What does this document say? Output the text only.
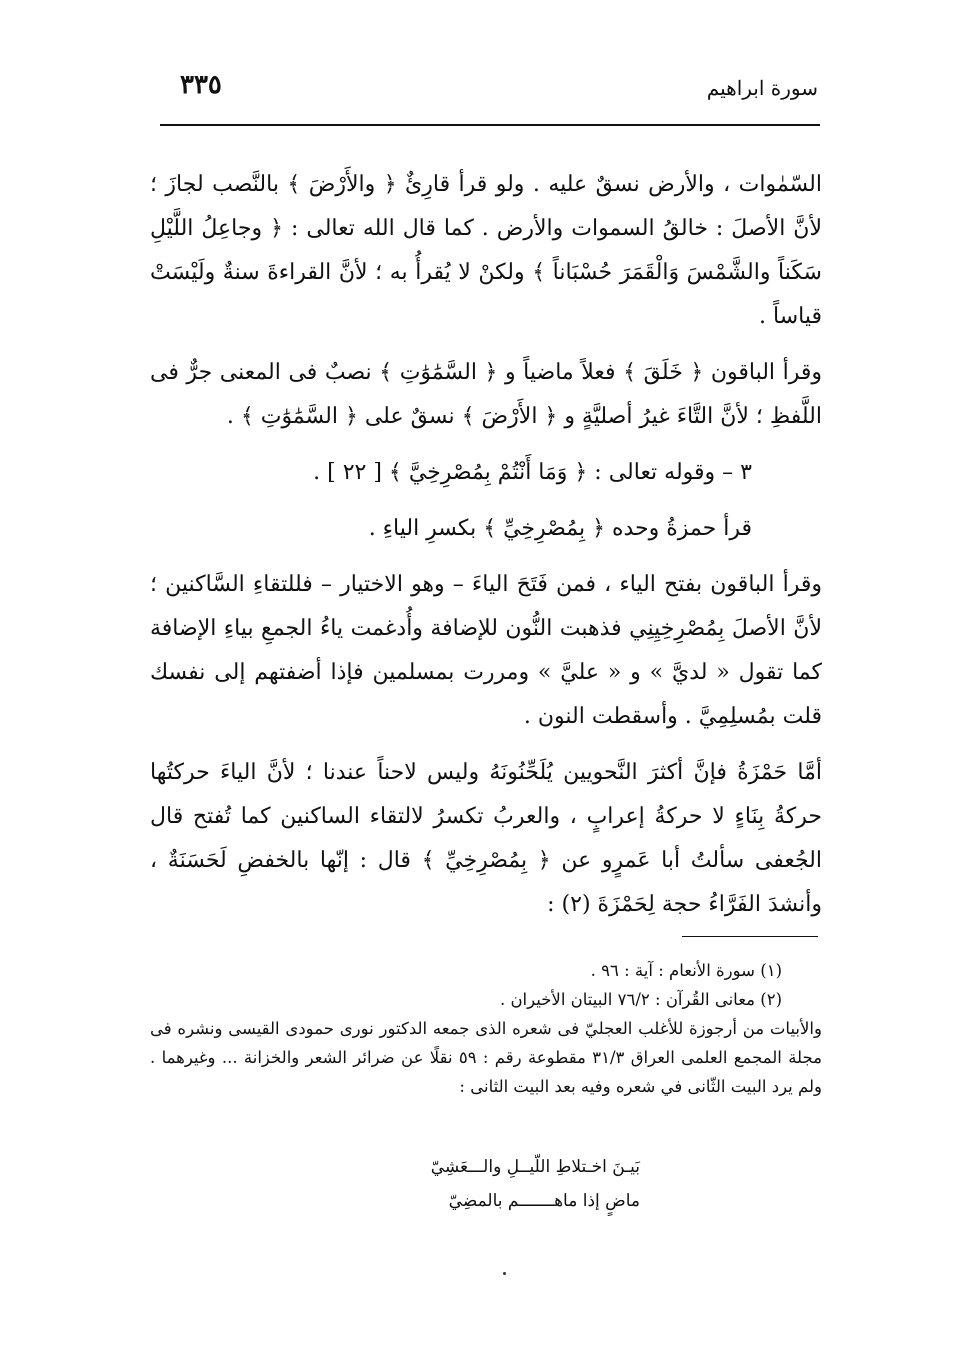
سورة ابراهيم
٣٣٥

السّمٰوات ، والأرض نسقٌ عليه . ولو قرأ قارِئٌ ﴿ والأَرْضَ ﴾ بالنَّصب لجازَ ؛ لأنَّ الأصلَ : خالقُ السموات والأرض . كما قال الله تعالى : ﴿ وجاعِلُ اللَّيْلِ سَكَناً والشَّمْسَ وَالْقَمَرَ حُسْبَاناً ﴾ ولكنْ لا يُقرأُ به ؛ لأنَّ القراءةَ سنةٌ ولَيْسَتْ قياساً .

وقرأ الباقون ﴿ خَلَقَ ﴾ فعلاً ماضياً و ﴿ السَّمَٰوَٰتِ ﴾ نصبٌ فى المعنى جرٌّ فى اللَّفظِ ؛ لأنَّ التَّاءَ غيرُ أصليَّةٍ و ﴿ الأَرْضَ ﴾ نسقٌ على ﴿ السَّمَٰوَٰتِ ﴾ .

٣ – وقوله تعالى : ﴿ وَمَا أَنْتُمْ بِمُصْرِخِيَّ ﴾ [ ٢٢ ] .

قرأ حمزةُ وحده ﴿ بِمُصْرِخِيِّ ﴾ بكسرِ الياءِ .

وقرأ الباقون بفتح الياء ، فمن فَتَحَ الياءَ – وهو الاختيار – فللتقاءِ السَّاكنين ؛ لأنَّ الأصلَ بِمُصْرِخِيِنِي فذهبت النُّون للإضافة وأُدغمت ياءُ الجمعِ بياءِ الإضافة كما تقول « لديَّ » و « عليَّ » ومررت بمسلمين فإذا أضفتهم إلى نفسك قلت بمُسلِمِيَّ . وأسقطت النون .

أمَّا حَمْزَةُ فإنَّ أكثرَ النَّحويين يُلَحِّنُونَهُ وليس لاحناً عندنا ؛ لأنَّ الياءَ حركتُها حركةُ بِنَاءٍ لا حركةُ إعرابٍ ، والعربُ تكسرُ لالتقاء الساكنين كما تُفتح قال الجُعفى سألتُ أبا عَمرٍو عن ﴿ بِمُصْرِخِيِّ ﴾ قال : إنّها بالخفضِ لَحَسَنَةٌ ، وأنشدَ الفَرَّاءُ حجة لِحَمْزَةَ (٢) :

(١) سورة الأنعام : آية : ٩٦ .

(٢) معانى القُرآن : ٧٦/٢ البيتان الأخيران .

والأبيات من أرجوزة للأغلب العجليّ فى شعره الذى جمعه الدكتور نورى حمودى القيسى ونشره فى مجلة المجمع العلمى العراق ٣١/٣ مقطوعة رقم : ٥٩ نقلًا عن ضرائر الشعر والخزانة ... وغيرهما . ولم يرد البيت الثّانى في شعره وفيه بعد البيت الثانى :

بَيـنَ اخـتلاطِ اللّيــلِ والـــعَشِيّ
ماضٍ إذا ماهـــــــم بالمضِيّ
